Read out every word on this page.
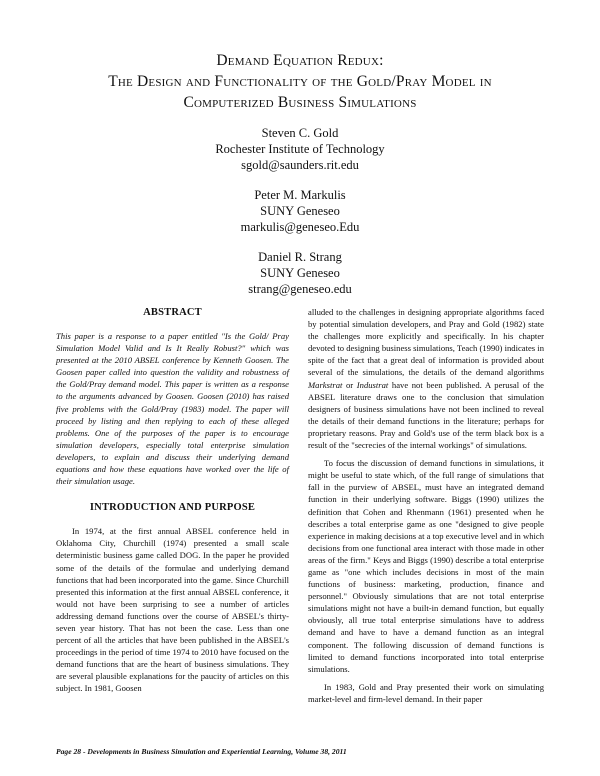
Demand Equation Redux:
The Design and Functionality of the Gold/Pray Model in
Computerized Business Simulations
Steven C. Gold
Rochester Institute of Technology
sgold@saunders.rit.edu
Peter M. Markulis
SUNY Geneseo
markulis@geneseo.Edu
Daniel R. Strang
SUNY Geneseo
strang@geneseo.edu

ABSTRACT

This paper is a response to a paper entitled "Is the Gold/ Pray Simulation Model Valid and Is It Really Robust?" which was presented at the 2010 ABSEL conference by Kenneth Goosen. The Goosen paper called into question the validity and robustness of the Gold/Pray demand model. This paper is written as a response to the arguments advanced by Goosen. Goosen (2010) has raised five problems with the Gold/Pray (1983) model. The paper will proceed by listing and then replying to each of these alleged problems. One of the purposes of the paper is to encourage simulation developers, especially total enterprise simulation developers, to explain and discuss their underlying demand equations and how these equations have worked over the life of their simulation usage.

INTRODUCTION AND PURPOSE

In 1974, at the first annual ABSEL conference held in Oklahoma City, Churchill (1974) presented a small scale deterministic business game called DOG. In the paper he provided some of the details of the formulae and underlying demand functions that had been incorporated into the game. Since Churchill presented this information at the first annual ABSEL conference, it would not have been surprising to see a number of articles addressing demand functions over the course of ABSEL's thirty-seven year history. That has not been the case. Less than one percent of all the articles that have been published in the ABSEL's proceedings in the period of time 1974 to 2010 have focused on the demand functions that are the heart of business simulations. They are several plausible explanations for the paucity of articles on this subject. In 1981, Goosen

alluded to the challenges in designing appropriate algorithms faced by potential simulation developers, and Pray and Gold (1982) state the challenges more explicitly and specifically. In his chapter devoted to designing business simulations, Teach (1990) indicates in spite of the fact that a great deal of information is provided about several of the simulations, the details of the demand algorithms Markstrat or Industrat have not been published. A perusal of the ABSEL literature draws one to the conclusion that simulation designers of business simulations have not been inclined to reveal the details of their demand functions in the literature; perhaps for proprietary reasons. Pray and Gold's use of the term black box is a result of the "secrecies of the internal workings" of simulations.

To focus the discussion of demand functions in simulations, it might be useful to state which, of the full range of simulations that fall in the purview of ABSEL, must have an integrated demand function in their underlying software. Biggs (1990) utilizes the definition that Cohen and Rhenmann (1961) presented when he describes a total enterprise game as one "designed to give people experience in making decisions at a top executive level and in which decisions from one functional area interact with those made in other areas of the firm." Keys and Biggs (1990) describe a total enterprise game as "one which includes decisions in most of the main functions of business: marketing, production, finance and personnel." Obviously simulations that are not total enterprise simulations might not have a built-in demand function, but equally obviously, all true total enterprise simulations have to address demand and have to have a demand function as an integral component. The following discussion of demand functions is limited to demand functions incorporated into total enterprise simulations.

In 1983, Gold and Pray presented their work on simulating market-level and firm-level demand. In their paper

Page 28 - Developments in Business Simulation and Experiential Learning, Volume 38, 2011
